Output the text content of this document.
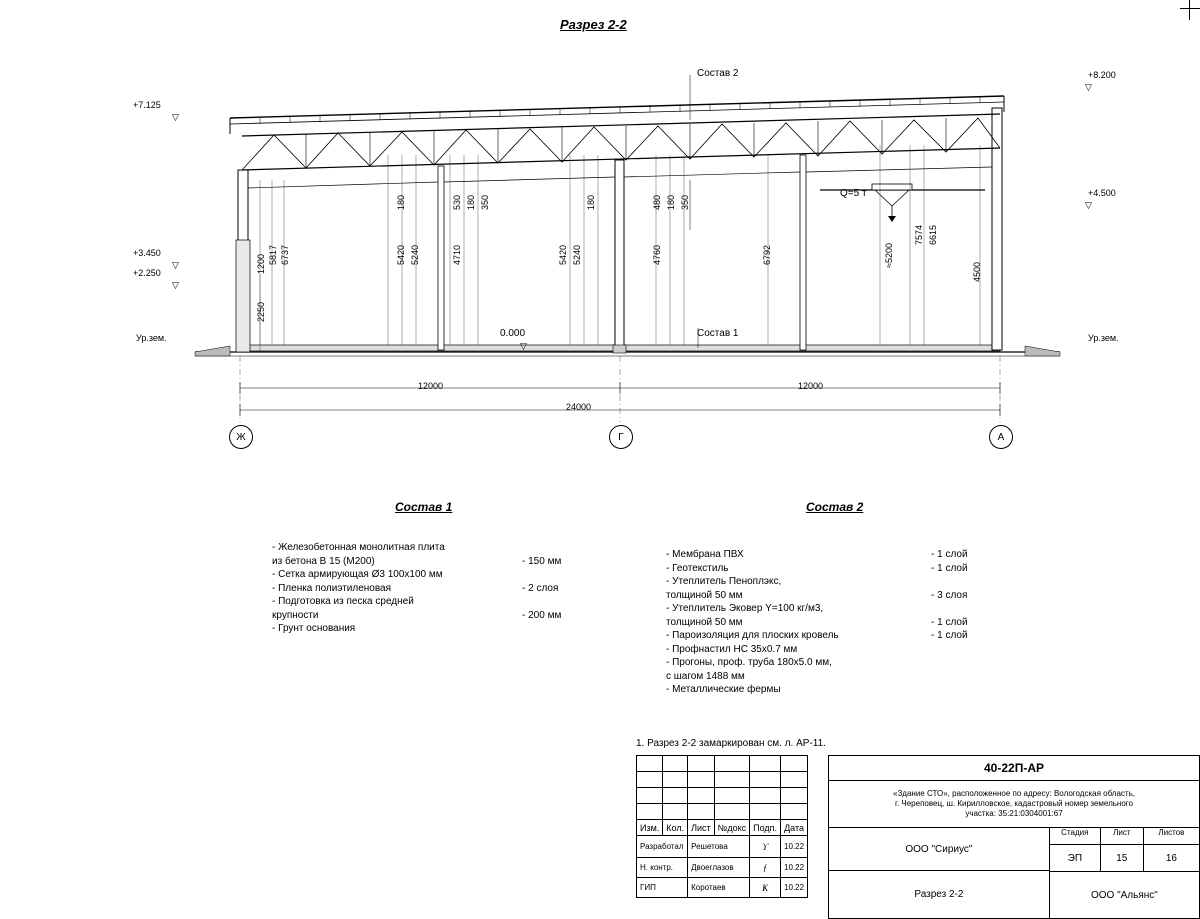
Разрез 2-2
+7.125
▽
+3.450
▽
+2.250
▽
Ур.зем.
+8.200
▽
+4.500
▽
Ур.зем.
Состав 2
Состав 1
Q=5 т
0.000
▽
1200 5817 6737
2250
5420 5240
180
4710
530 180 350
5420 5240
180
4760
480 180 350
6792	≈5200
7574 6615
4500
12000	12000
24000
Ж	Г	А
Состав 1
- Железобетонная монолитная плита
из бетона В 15 (М200)	- 150 мм
- Сетка армирующая Ø3 100х100 мм
- Пленка полиэтиленовая	- 2 слоя
- Подготовка из песка средней
крупности	- 200 мм
- Грунт основания
Состав 2
- Мембрана ПВХ	- 1 слой
- Геотекстиль	- 1 слой
- Утеплитель Пеноплэкс,
толщиной 50 мм	- 3 слоя
- Утеплитель Эковер Y=100 кг/м3,
толщиной 50 мм	- 1 слой
- Пароизоляция для плоских кровель	- 1 слой
- Профнастил НС 35х0.7 мм
- Прогоны, проф. труба 180х5.0 мм,
с шагом 1488 мм
- Металлические фермы
1. Разрез 2-2 замаркирован см. л. АР-11.

Изм.	Кол.	Лист	№докс	Подп.	Дата
Разработал		Решетова		ϒ	10.22
Н. контр.		Двоеглазов		ƒ	10.22
ГИП		Коротаев		Ҝ	10.22
40-22П-АР
«Здание СТО», расположенное по адресу: Вологодская область,
г. Череповец, ш. Кирилловское, кадастровый номер земельного
участка: 35:21:0304001:67
ООО "Сириус"
Разрез 2-2
Стадия	Лист	Листов
ЭП	15	16
ООО "Альянс"
